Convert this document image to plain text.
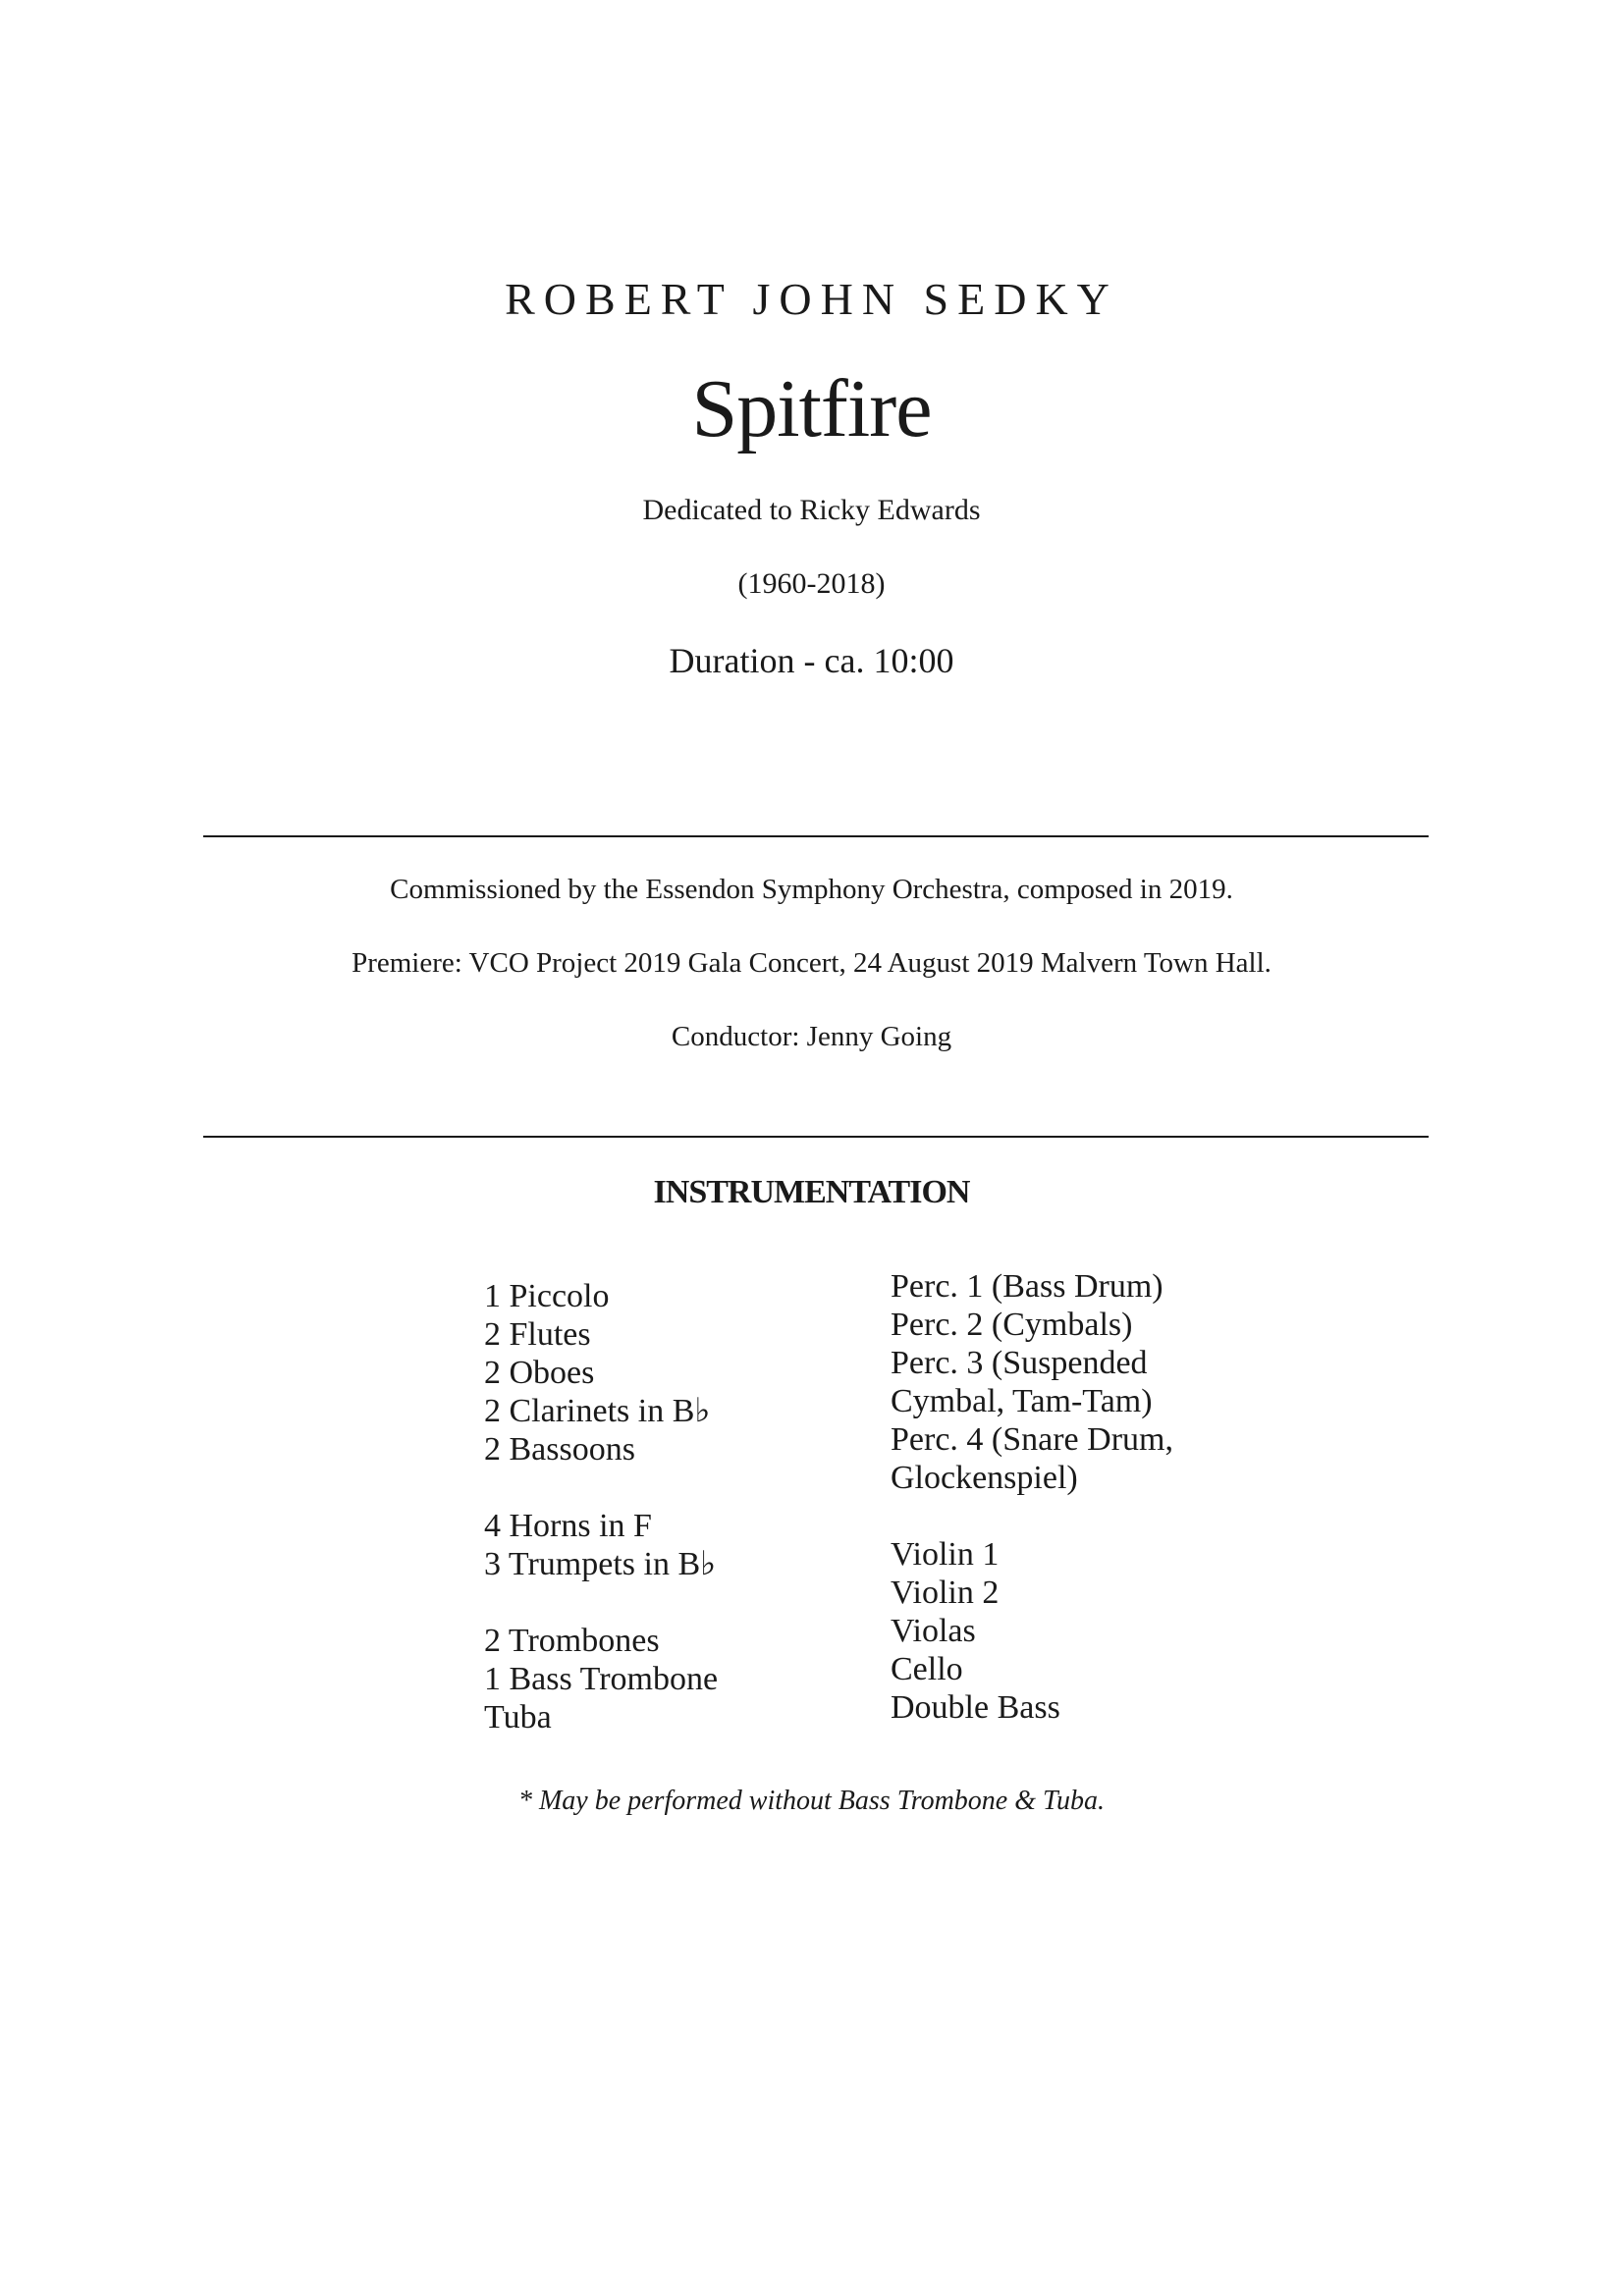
ROBERT JOHN SEDKY
Spitfire
Dedicated to Ricky Edwards
(1960-2018)
Duration - ca. 10:00
Commissioned by the Essendon Symphony Orchestra, composed in 2019.
Premiere: VCO Project 2019 Gala Concert, 24 August 2019 Malvern Town Hall.
Conductor: Jenny Going
INSTRUMENTATION
1 Piccolo
2 Flutes
2 Oboes
2 Clarinets in B♭
2 Bassoons
4 Horns in F
3 Trumpets in B♭
2 Trombones
1 Bass Trombone
Tuba
Perc. 1 (Bass Drum)
Perc. 2 (Cymbals)
Perc. 3 (Suspended
Cymbal, Tam-Tam)
Perc. 4 (Snare Drum,
Glockenspiel)
Violin 1
Violin 2
Violas
Cello
Double Bass
* May be performed without Bass Trombone & Tuba.
